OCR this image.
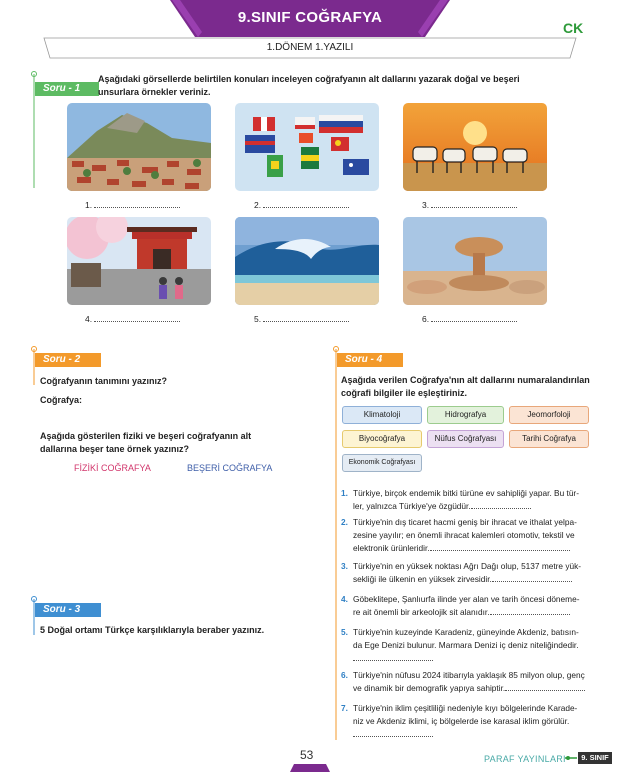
9.SINIF COĞRAFYA
CK
1.DÖNEM 1.YAZILI
Soru - 1
Aşağıdaki görsellerde belirtilen konuları inceleyen coğrafyanın alt dallarını yazarak doğal ve beşeri unsurlara örnekler veriniz.
1.	2.	3.
4.	5.	6.
Soru - 2
Coğrafyanın tanımını yazınız?
Coğrafya:
Aşağıda gösterilen fiziki ve beşeri coğrafyanın alt dallarına beşer tane örnek yazınız?
FİZİKİ COĞRAFYA	BEŞERİ COĞRAFYA
Soru - 3
5 Doğal ortamı Türkçe karşılıklarıyla beraber yazınız.
Soru - 4
Aşağıda verilen Coğrafya'nın alt dallarını numaralandırılan coğrafi bilgiler ile eşleştiriniz.
Klimatoloji	Hidrografya	Jeomorfoloji
Biyocoğrafya	Nüfus Coğrafyası	Tarihi Coğrafya
Ekonomik Coğrafyası
1. Türkiye, birçok endemik bitki türüne ev sahipliği yapar. Bu tür-
ler, yalnızca Türkiye'ye özgüdür.
2. Türkiye'nin dış ticaret hacmi geniş bir ihracat ve ithalat yelpa-
zesine yayılır; en önemli ihracat kalemleri otomotiv, tekstil ve
elektronik ürünleridir.
3. Türkiye'nin en yüksek noktası Ağrı Dağı olup, 5137 metre yük-
sekliği ile ülkenin en yüksek zirvesidir.
4. Göbeklitepe, Şanlıurfa ilinde yer alan ve tarih öncesi döneme-
re ait önemli bir arkeolojik sit alanıdır.
5. Türkiye'nin kuzeyinde Karadeniz, güneyinde Akdeniz, batısın-
da Ege Denizi bulunur. Marmara Denizi iç deniz niteliğindedir.
6. Türkiye'nin nüfusu 2024 itibarıyla yaklaşık 85 milyon olup, genç
ve dinamik bir demografik yapıya sahiptir.
7. Türkiye'nin iklim çeşitliliği nedeniyle kıyı bölgelerinde Karade-
niz ve Akdeniz iklimi, iç bölgelerde ise karasal iklim görülür.
53	PARAF YAYINLARI	9. SINIF
